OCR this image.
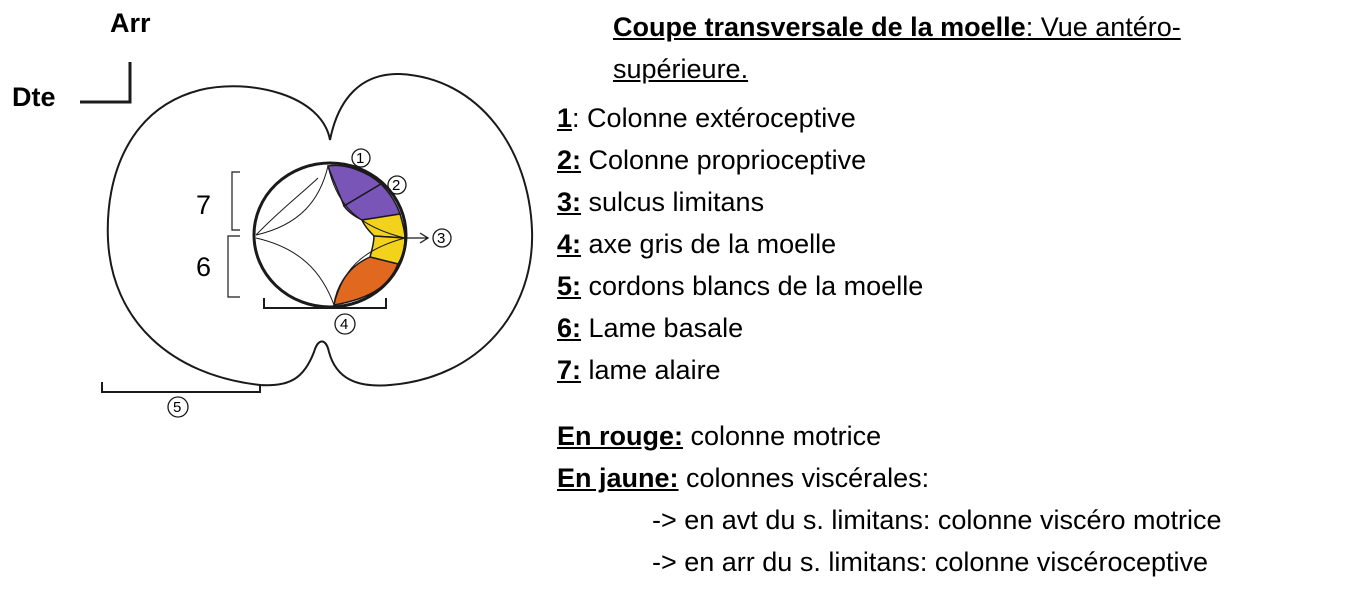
7
6
1
2
3
4
5
Arr
Dte
Coupe transversale de la moelle: Vue antéro-supérieure.
1: Colonne extéroceptive
2: Colonne proprioceptive
3: sulcus limitans
4: axe gris de la moelle
5: cordons blancs de la moelle
6: Lame basale
7: lame alaire
En rouge: colonne motrice
En jaune: colonnes viscérales:
-> en avt du s. limitans: colonne viscéro motrice
-> en arr du s. limitans: colonne viscéroceptive
